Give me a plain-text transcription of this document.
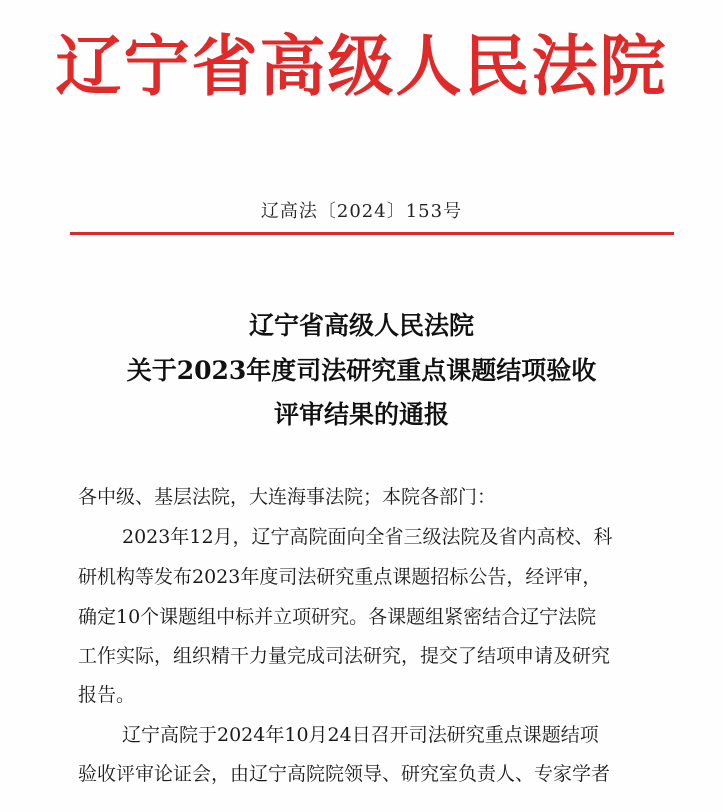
辽宁省高级人民法院
辽高法〔2024〕153号
辽宁省高级人民法院
关于2023年度司法研究重点课题结项验收
评审结果的通报

各中级、基层法院，大连海事法院；本院各部门：

2023年12月，辽宁高院面向全省三级法院及省内高校、科

研机构等发布2023年度司法研究重点课题招标公告，经评审，

确定10个课题组中标并立项研究。各课题组紧密结合辽宁法院

工作实际，组织精干力量完成司法研究，提交了结项申请及研究

报告。

辽宁高院于2024年10月24日召开司法研究重点课题结项

验收评审论证会，由辽宁高院院领导、研究室负责人、专家学者
